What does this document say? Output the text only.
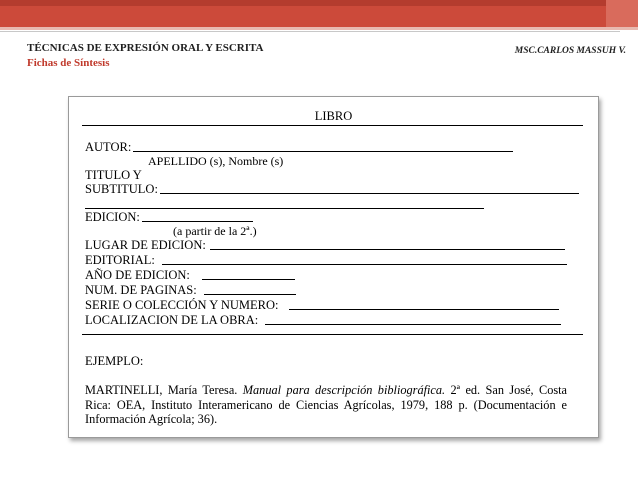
TÉCNICAS DE EXPRESIÓN ORAL Y ESCRITA
Fichas de Síntesis
MSC.CARLOS MASSUH V.
LIBRO
AUTOR:
APELLIDO (s), Nombre (s)
TITULO Y
SUBTITULO:
EDICION:
(a partir de la 2ª.)
LUGAR DE EDICION:
EDITORIAL:
AÑO DE EDICION:
NUM. DE PAGINAS:
SERIE O COLECCIÓN Y NUMERO:
LOCALIZACION DE LA OBRA:
EJEMPLO:
MARTINELLI, María Teresa. Manual para descripción bibliográfica. 2ª ed. San José, Costa Rica: OEA, Instituto Interamericano de Ciencias Agrícolas, 1979, 188 p. (Documentación e Información Agrícola; 36).
